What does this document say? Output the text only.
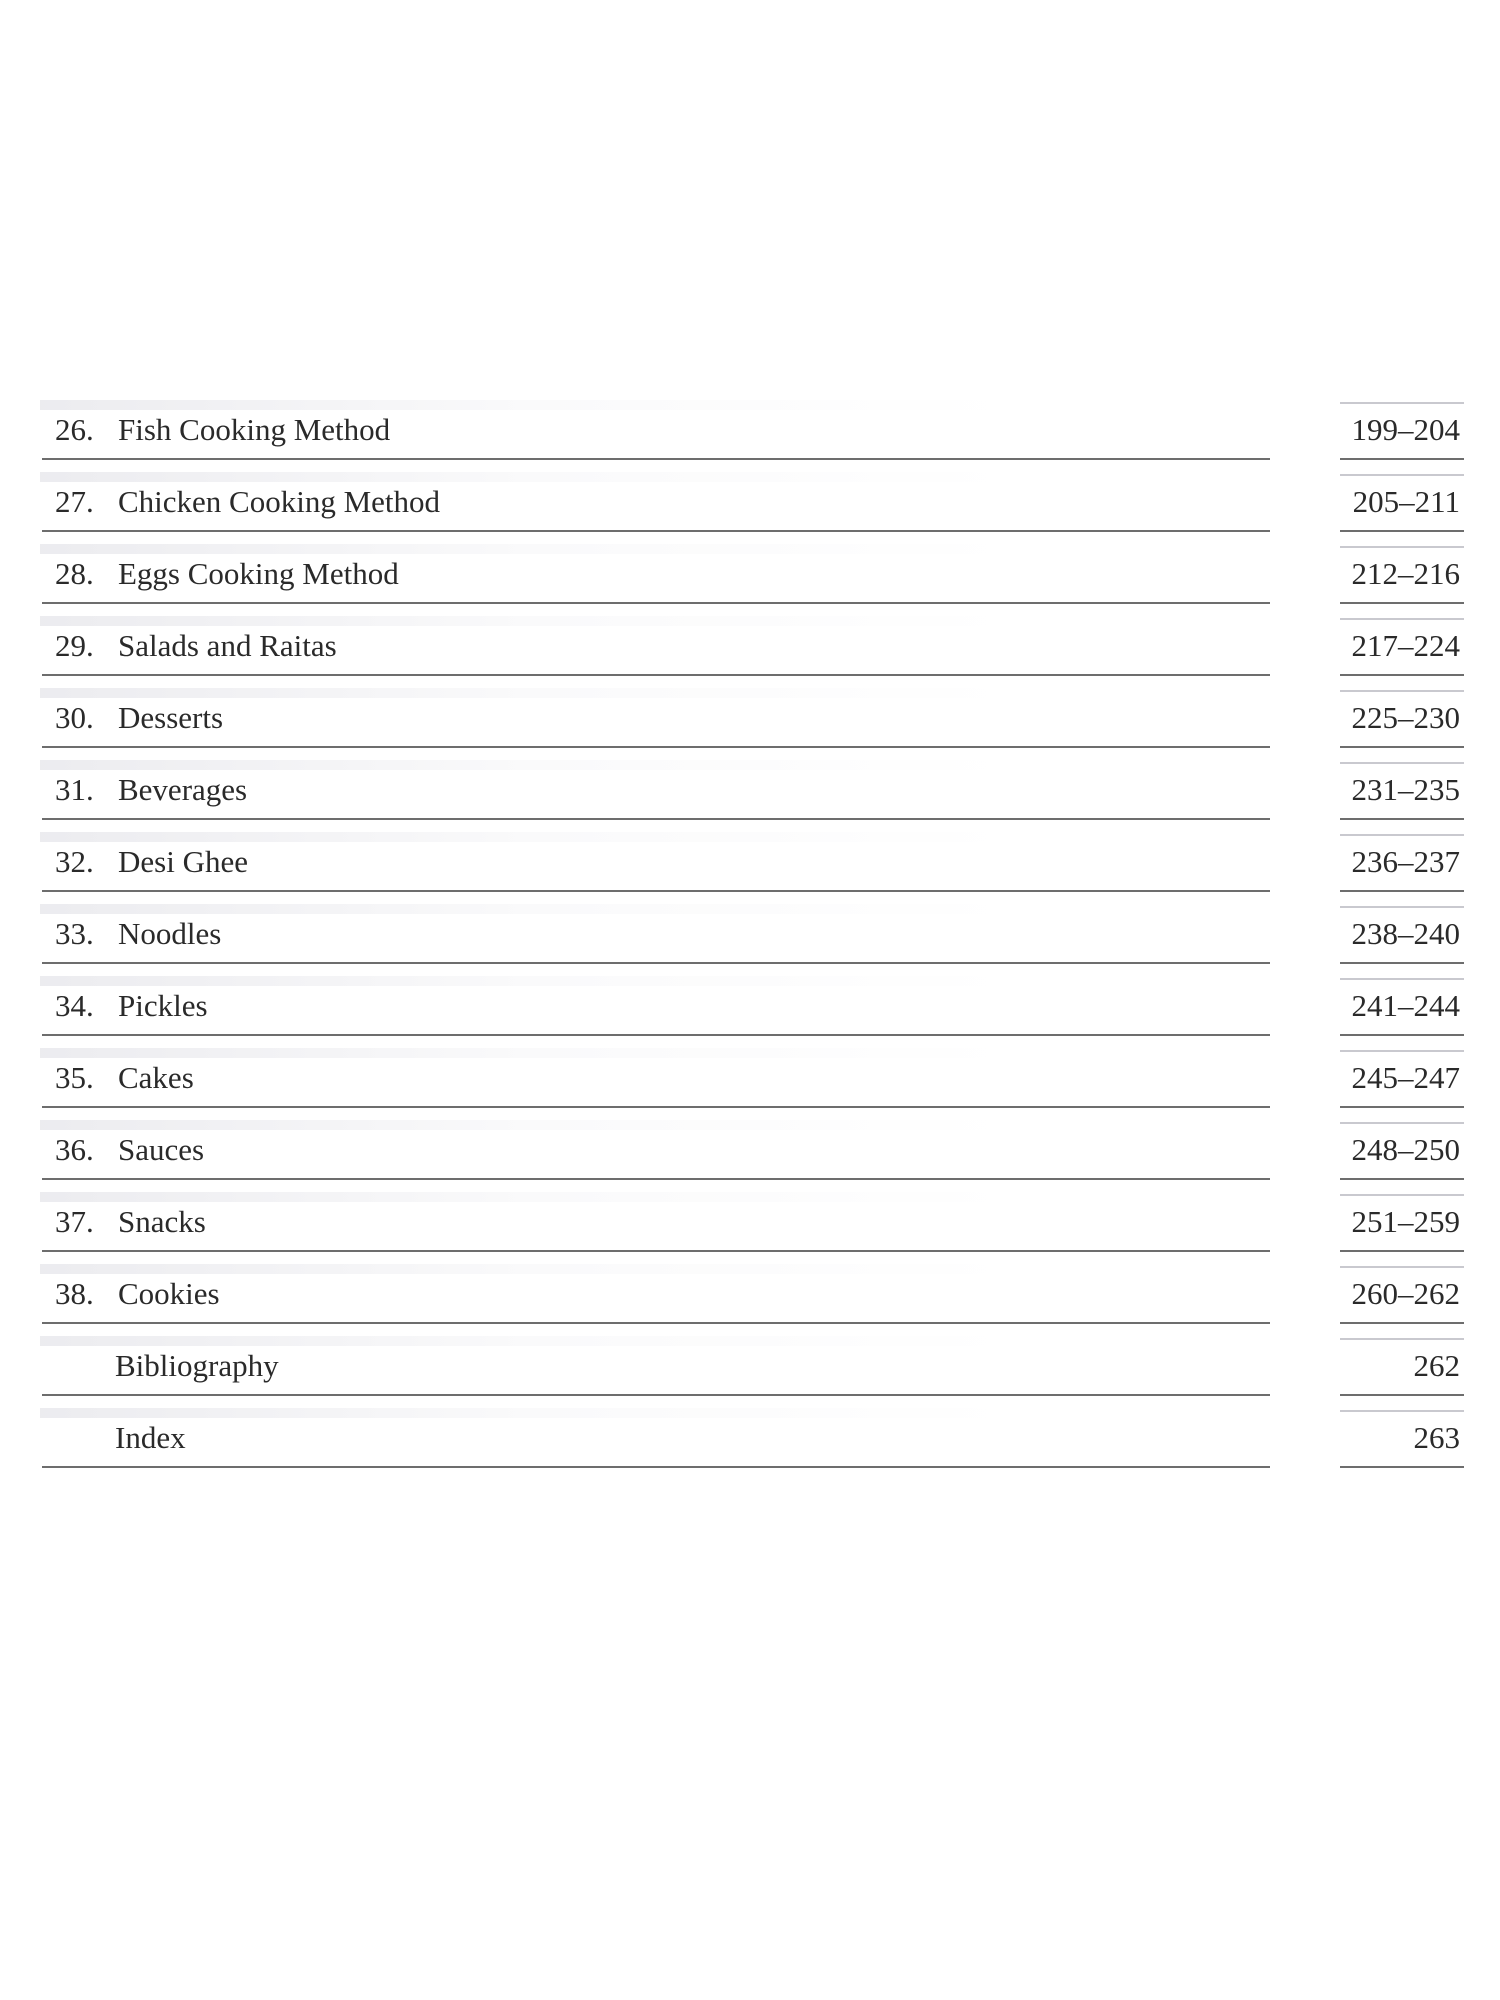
26. Fish Cooking Method	199–204
27. Chicken Cooking Method	205–211
28. Eggs Cooking Method	212–216
29. Salads and Raitas	217–224
30. Desserts	225–230
31. Beverages	231–235
32. Desi Ghee	236–237
33. Noodles	238–240
34. Pickles	241–244
35. Cakes	245–247
36. Sauces	248–250
37. Snacks	251–259
38. Cookies	260–262
Bibliography	262
Index	263
